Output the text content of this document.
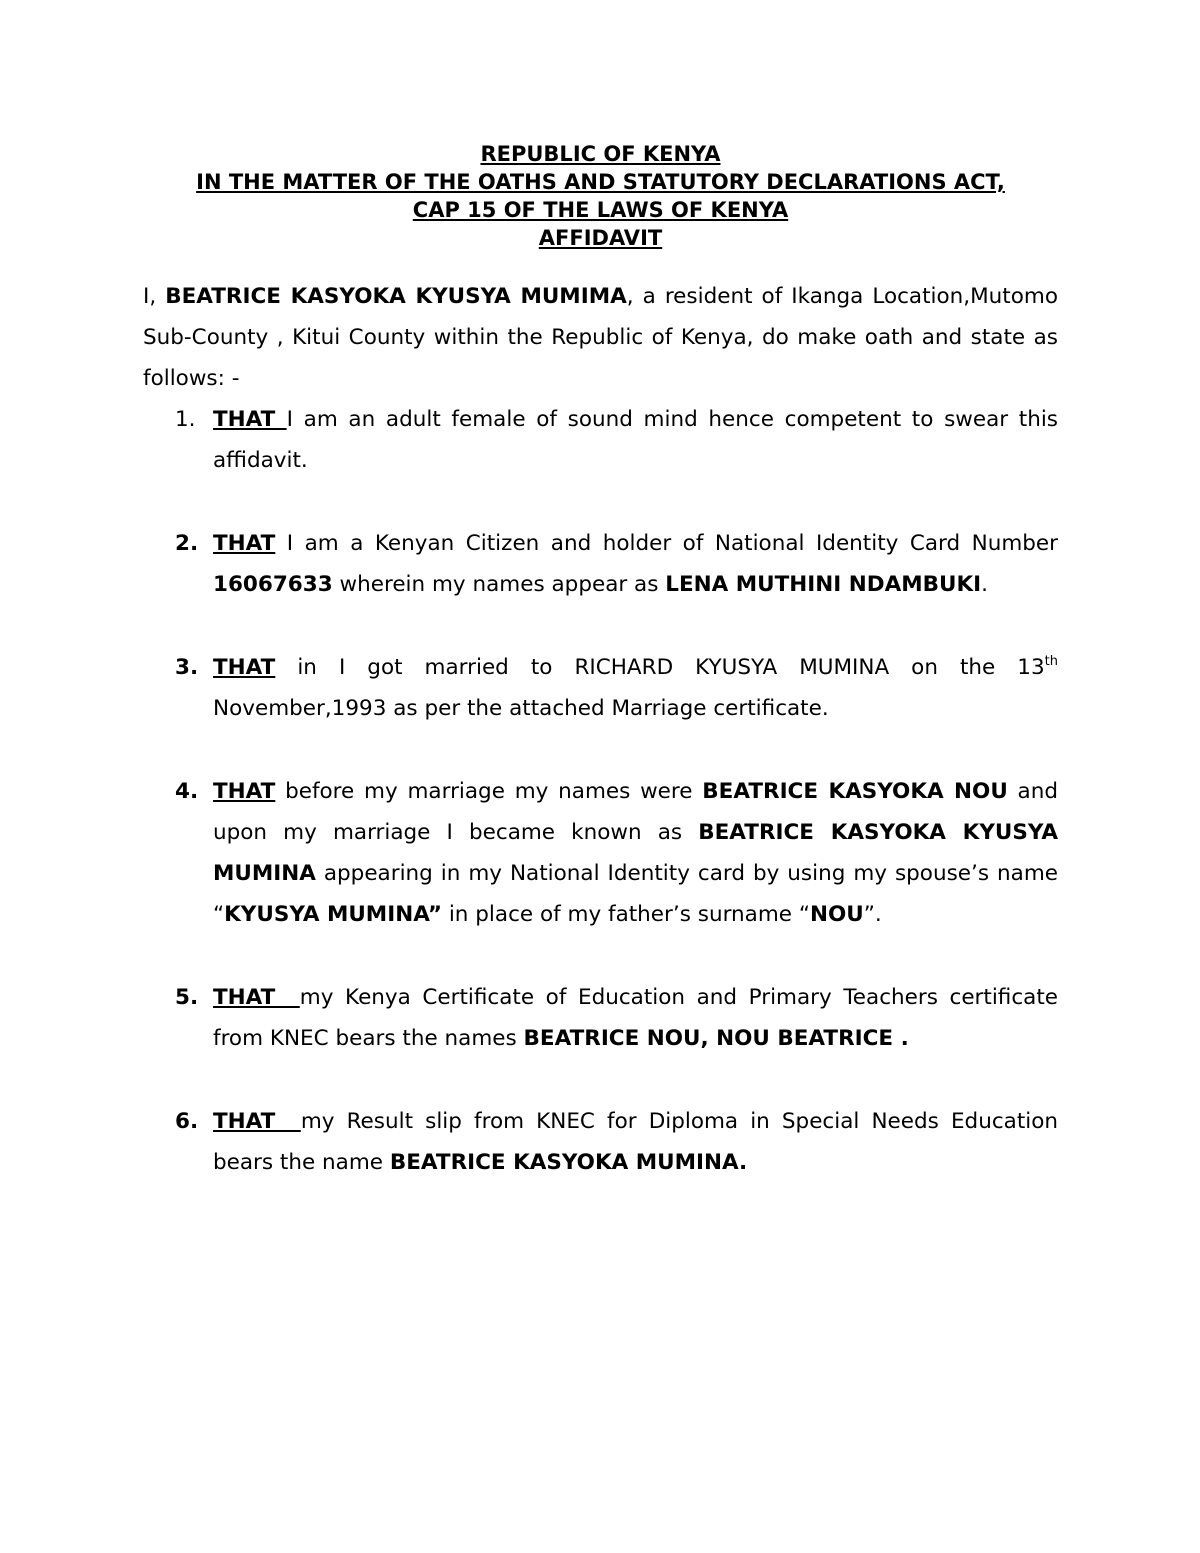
REPUBLIC OF KENYA
IN THE MATTER OF THE OATHS AND STATUTORY DECLARATIONS ACT,
CAP 15 OF THE LAWS OF KENYA
AFFIDAVIT
I, BEATRICE KASYOKA KYUSYA MUMIMA, a resident of Ikanga Location,Mutomo Sub-County , Kitui County within the Republic of Kenya, do make oath and state as follows: -
1. THAT I am an adult female of sound mind hence competent to swear this affidavit.
2. THAT I am a Kenyan Citizen and holder of National Identity Card Number 16067633 wherein my names appear as LENA MUTHINI NDAMBUKI.
3. THAT in I got married to RICHARD KYUSYA MUMINA on the 13th November,1993 as per the attached Marriage certificate.
4. THAT before my marriage my names were BEATRICE KASYOKA NOU and upon my marriage I became known as BEATRICE KASYOKA KYUSYA MUMINA appearing in my National Identity card by using my spouse’s name “KYUSYA MUMINA” in place of my father’s surname “NOU”.
5. THAT  my Kenya Certificate of Education and Primary Teachers certificate from KNEC bears the names BEATRICE NOU, NOU BEATRICE .
6. THAT  my Result slip from KNEC for Diploma in Special Needs Education bears the name BEATRICE KASYOKA MUMINA.
